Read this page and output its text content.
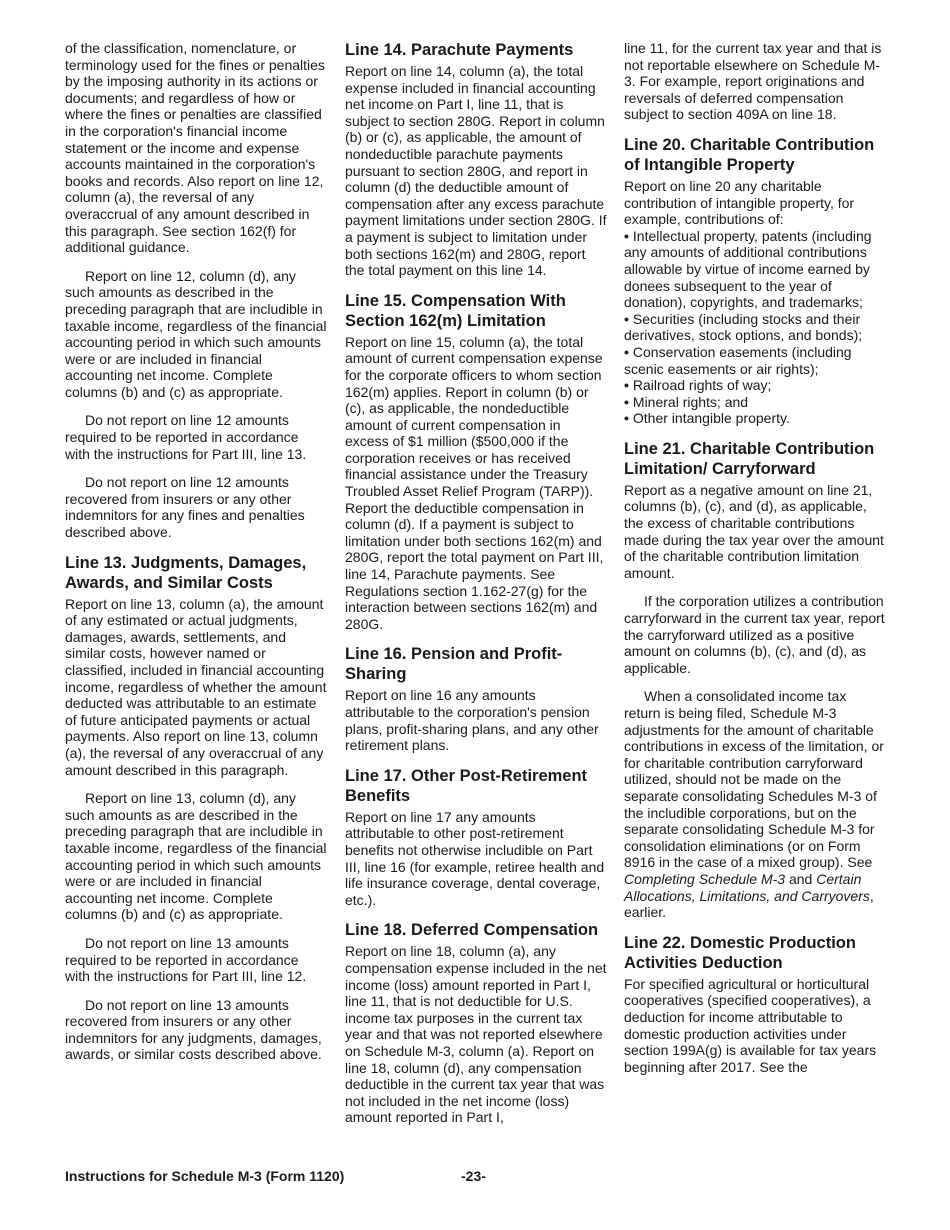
of the classification, nomenclature, or terminology used for the fines or penalties by the imposing authority in its actions or documents; and regardless of how or where the fines or penalties are classified in the corporation's financial income statement or the income and expense accounts maintained in the corporation's books and records. Also report on line 12, column (a), the reversal of any overaccrual of any amount described in this paragraph. See section 162(f) for additional guidance.

Report on line 12, column (d), any such amounts as described in the preceding paragraph that are includible in taxable income, regardless of the financial accounting period in which such amounts were or are included in financial accounting net income. Complete columns (b) and (c) as appropriate.

Do not report on line 12 amounts required to be reported in accordance with the instructions for Part III, line 13.

Do not report on line 12 amounts recovered from insurers or any other indemnitors for any fines and penalties described above.

Line 13. Judgments, Damages, Awards, and Similar Costs

Report on line 13, column (a), the amount of any estimated or actual judgments, damages, awards, settlements, and similar costs, however named or classified, included in financial accounting income, regardless of whether the amount deducted was attributable to an estimate of future anticipated payments or actual payments. Also report on line 13, column (a), the reversal of any overaccrual of any amount described in this paragraph.

Report on line 13, column (d), any such amounts as are described in the preceding paragraph that are includible in taxable income, regardless of the financial accounting period in which such amounts were or are included in financial accounting net income. Complete columns (b) and (c) as appropriate.

Do not report on line 13 amounts required to be reported in accordance with the instructions for Part III, line 12.

Do not report on line 13 amounts recovered from insurers or any other indemnitors for any judgments, damages, awards, or similar costs described above.

Line 14. Parachute Payments

Report on line 14, column (a), the total expense included in financial accounting net income on Part I, line 11, that is subject to section 280G. Report in column (b) or (c), as applicable, the amount of nondeductible parachute payments pursuant to section 280G, and report in column (d) the deductible amount of compensation after any excess parachute payment limitations under section 280G. If a payment is subject to limitation under both sections 162(m) and 280G, report the total payment on this line 14.

Line 15. Compensation With Section 162(m) Limitation

Report on line 15, column (a), the total amount of current compensation expense for the corporate officers to whom section 162(m) applies. Report in column (b) or (c), as applicable, the nondeductible amount of current compensation in excess of $1 million ($500,000 if the corporation receives or has received financial assistance under the Treasury Troubled Asset Relief Program (TARP)). Report the deductible compensation in column (d). If a payment is subject to limitation under both sections 162(m) and 280G, report the total payment on Part III, line 14, Parachute payments. See Regulations section 1.162-27(g) for the interaction between sections 162(m) and 280G.

Line 16. Pension and Profit-Sharing

Report on line 16 any amounts attributable to the corporation's pension plans, profit-sharing plans, and any other retirement plans.

Line 17. Other Post-Retirement Benefits

Report on line 17 any amounts attributable to other post-retirement benefits not otherwise includible on Part III, line 16 (for example, retiree health and life insurance coverage, dental coverage, etc.).

Line 18. Deferred Compensation

Report on line 18, column (a), any compensation expense included in the net income (loss) amount reported in Part I, line 11, that is not deductible for U.S. income tax purposes in the current tax year and that was not reported elsewhere on Schedule M-3, column (a). Report on line 18, column (d), any compensation deductible in the current tax year that was not included in the net income (loss) amount reported in Part I,

line 11, for the current tax year and that is not reportable elsewhere on Schedule M-3. For example, report originations and reversals of deferred compensation subject to section 409A on line 18.

Line 20. Charitable Contribution of Intangible Property

Report on line 20 any charitable contribution of intangible property, for example, contributions of:

• Intellectual property, patents (including any amounts of additional contributions allowable by virtue of income earned by donees subsequent to the year of donation), copyrights, and trademarks;
• Securities (including stocks and their derivatives, stock options, and bonds);
• Conservation easements (including scenic easements or air rights);
• Railroad rights of way;
• Mineral rights; and
• Other intangible property.
Line 21. Charitable Contribution Limitation/ Carryforward

Report as a negative amount on line 21, columns (b), (c), and (d), as applicable, the excess of charitable contributions made during the tax year over the amount of the charitable contribution limitation amount.

If the corporation utilizes a contribution carryforward in the current tax year, report the carryforward utilized as a positive amount on columns (b), (c), and (d), as applicable.

When a consolidated income tax return is being filed, Schedule M-3 adjustments for the amount of charitable contributions in excess of the limitation, or for charitable contribution carryforward utilized, should not be made on the separate consolidating Schedules M-3 of the includible corporations, but on the separate consolidating Schedule M-3 for consolidation eliminations (or on Form 8916 in the case of a mixed group). See Completing Schedule M-3 and Certain Allocations, Limitations, and Carryovers, earlier.

Line 22. Domestic Production Activities Deduction

For specified agricultural or horticultural cooperatives (specified cooperatives), a deduction for income attributable to domestic production activities under section 199A(g) is available for tax years beginning after 2017. See the

Instructions for Schedule M-3 (Form 1120)	-23-
